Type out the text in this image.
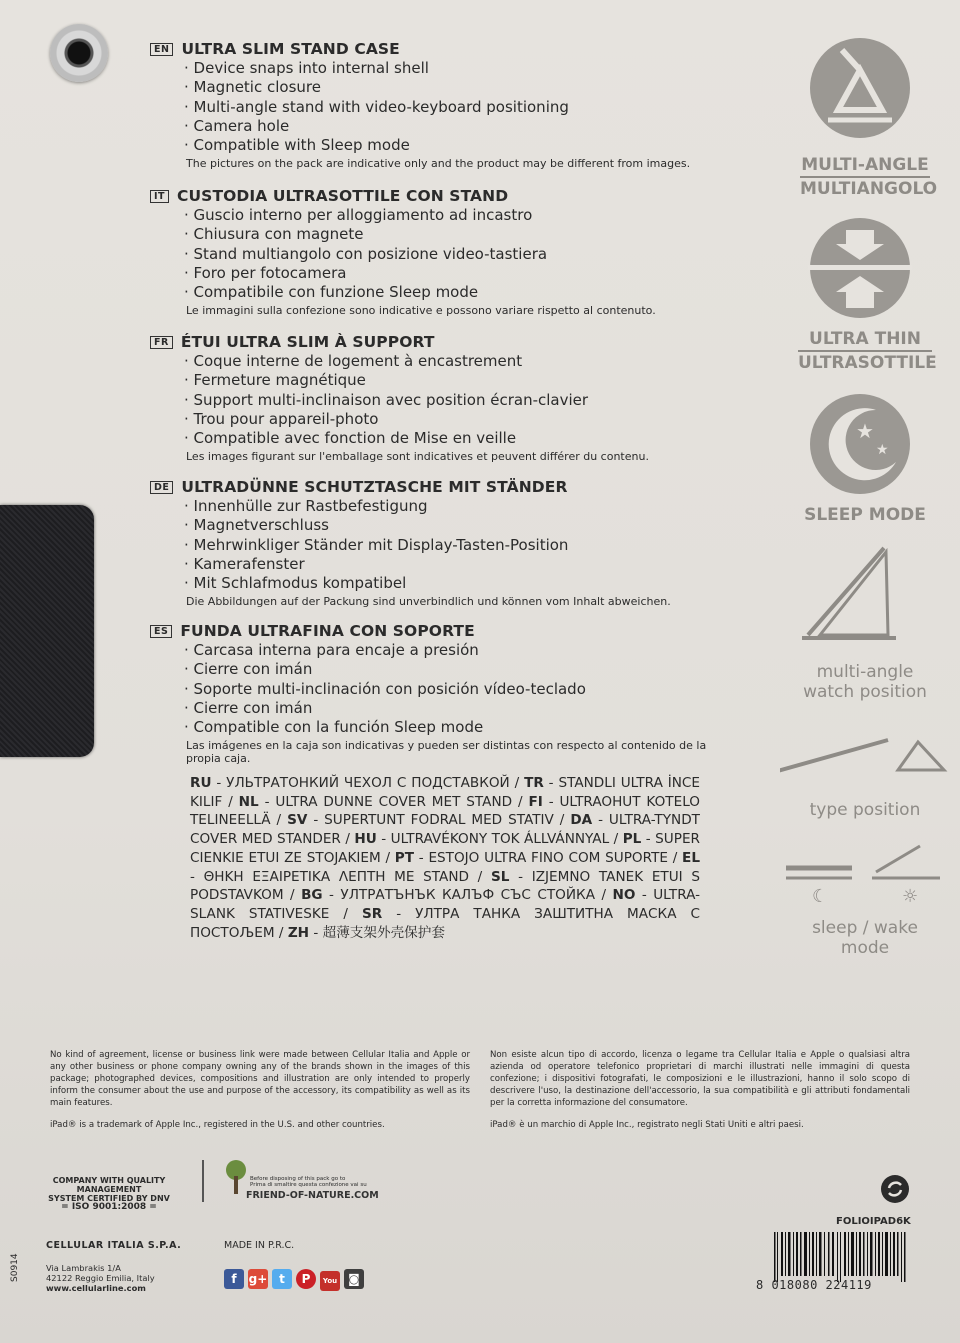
EN ULTRA SLIM STAND CASE
· Device snaps into internal shell
· Magnetic closure
· Multi-angle stand with video-keyboard positioning
· Camera hole
· Compatible with Sleep mode
The pictures on the pack are indicative only and the product may be different from images.
IT CUSTODIA ULTRASOTTILE CON STAND
· Guscio interno per alloggiamento ad incastro
· Chiusura con magnete
· Stand multiangolo con posizione video-tastiera
· Foro per fotocamera
· Compatibile con funzione Sleep mode
Le immagini sulla confezione sono indicative e possono variare rispetto al contenuto.
FR ÉTUI ULTRA SLIM À SUPPORT
· Coque interne de logement à encastrement
· Fermeture magnétique
· Support multi-inclinaison avec position écran-clavier
· Trou pour appareil-photo
· Compatible avec fonction de Mise en veille
Les images figurant sur l'emballage sont indicatives et peuvent différer du contenu.
DE ULTRADÜNNE SCHUTZTASCHE MIT STÄNDER
· Innenhülle zur Rastbefestigung
· Magnetverschluss
· Mehrwinkliger Ständer mit Display-Tasten-Position
· Kamerafenster
· Mit Schlafmodus kompatibel
Die Abbildungen auf der Packung sind unverbindlich und können vom Inhalt abweichen.
ES FUNDA ULTRAFINA CON SOPORTE
· Carcasa interna para encaje a presión
· Cierre con imán
· Soporte multi-inclinación con posición vídeo-teclado
· Cierre con imán
· Compatible con la función Sleep mode
Las imágenes en la caja son indicativas y pueden ser distintas con respecto al contenido de la propia caja.
RU - УЛЬТРАТОНКИЙ ЧЕХОЛ С ПОДСТАВКОЙ / TR - STANDLI ULTRA İNCE KILIF / NL - ULTRA DUNNE COVER MET STAND / FI - ULTRAOHUT KOTELO TELINEELLÄ / SV - SUPERTUNT FODRAL MED STATIV / DA - ULTRA-TYNDT COVER MED STANDER / HU - ULTRAVÉKONY TOK ÁLLVÁNNYAL / PL - SUPER CIENKIE ETUI ZE STOJAKIEM / PT - ESTOJO ULTRA FINO COM SUPORTE / EL - ΘΗΚΗ ΕΞΑΙΡΕΤΙΚΑ ΛΕΠΤΗ ΜΕ STAND / SL - IZJEMNO TANEK ETUI S PODSTAVKOM / BG - УЛТРАТЪНЪК КАЛЪФ СЪС СТОЙКА / NO - ULTRA-SLANK STATIVESKE / SR - УЛТРА ТАНКА ЗАШТИТНА МАСКА С ПОСТОЉЕМ / ZH - 超薄支架外壳保护套
MULTI-ANGLE
MULTIANGOLO
ULTRA THIN
ULTRASOTTILE
★
★
SLEEP MODE
multi-angle
watch position
type position
☾	☼
sleep / wake
mode
No kind of agreement, license or business link were made between Cellular Italia and Apple or any other business or phone company owning any of the brands shown in the images of this package; photographed devices, compositions and illustration are only intended to properly inform the consumer about the use and purpose of the accessory, its compatibility as well as its main features.
iPad® is a trademark of Apple Inc., registered in the U.S. and other countries.
Non esiste alcun tipo di accordo, licenza o legame tra Cellular Italia e Apple o qualsiasi altra azienda od operatore telefonico proprietari di marchi illustrati nelle immagini di questa confezione; i dispositivi fotografati, le composizioni e le illustrazioni, hanno il solo scopo di descrivere l'uso, la destinazione dell'accessorio, la sua compatibilità e gli attributi fondamentali per la corretta informazione del consumatore.
iPad® è un marchio di Apple Inc., registrato negli Stati Uniti e altri paesi.
COMPANY WITH QUALITY MANAGEMENT
SYSTEM CERTIFIED BY DNV
= ISO 9001:2008 =
Before disposing of this pack go to
Prima di smaltire questa confezione vai su
FRIEND-OF-NATURE.COM
CELLULAR ITALIA S.P.A.
Via Lambrakis 1/A
42122 Reggio Emilia, Italy
www.cellularline.com
MADE IN P.R.C.
f g+ t P You ◙
S0914
FOLIOIPAD6K
8 018080 224119
